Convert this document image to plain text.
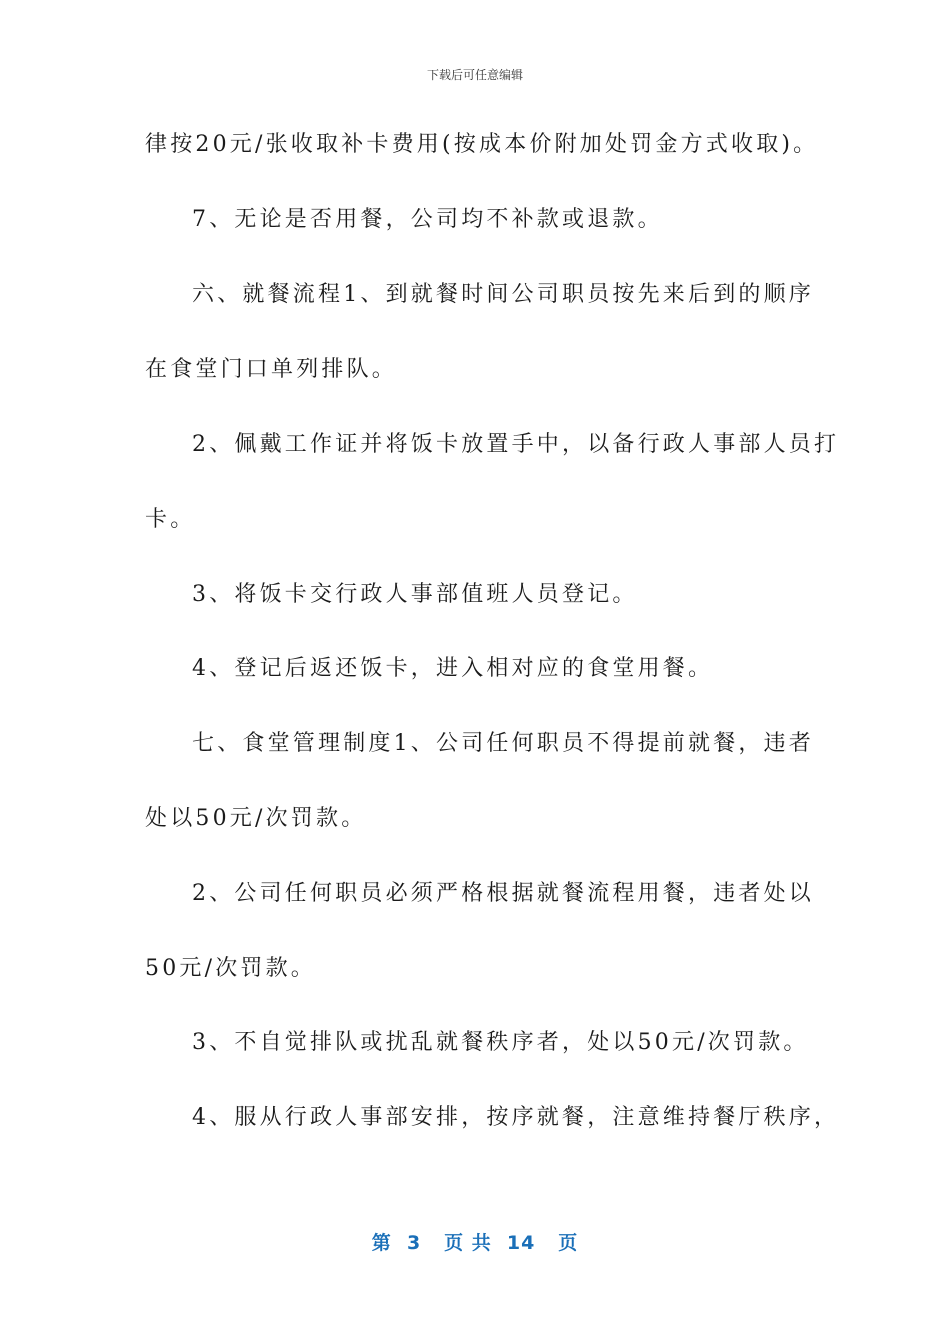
下载后可任意编辑
律按20元/张收取补卡费用(按成本价附加处罚金方式收取)。
7、无论是否用餐，公司均不补款或退款。
六、就餐流程1、到就餐时间公司职员按先来后到的顺序
在食堂门口单列排队。
2、佩戴工作证并将饭卡放置手中，以备行政人事部人员打
卡。
3、将饭卡交行政人事部值班人员登记。
4、登记后返还饭卡，进入相对应的食堂用餐。
七、食堂管理制度1、公司任何职员不得提前就餐，违者
处以50元/次罚款。
2、公司任何职员必须严格根据就餐流程用餐，违者处以
50元/次罚款。
3、不自觉排队或扰乱就餐秩序者，处以50元/次罚款。
4、服从行政人事部安排，按序就餐，注意维持餐厅秩序，
第  3   页 共  14   页
